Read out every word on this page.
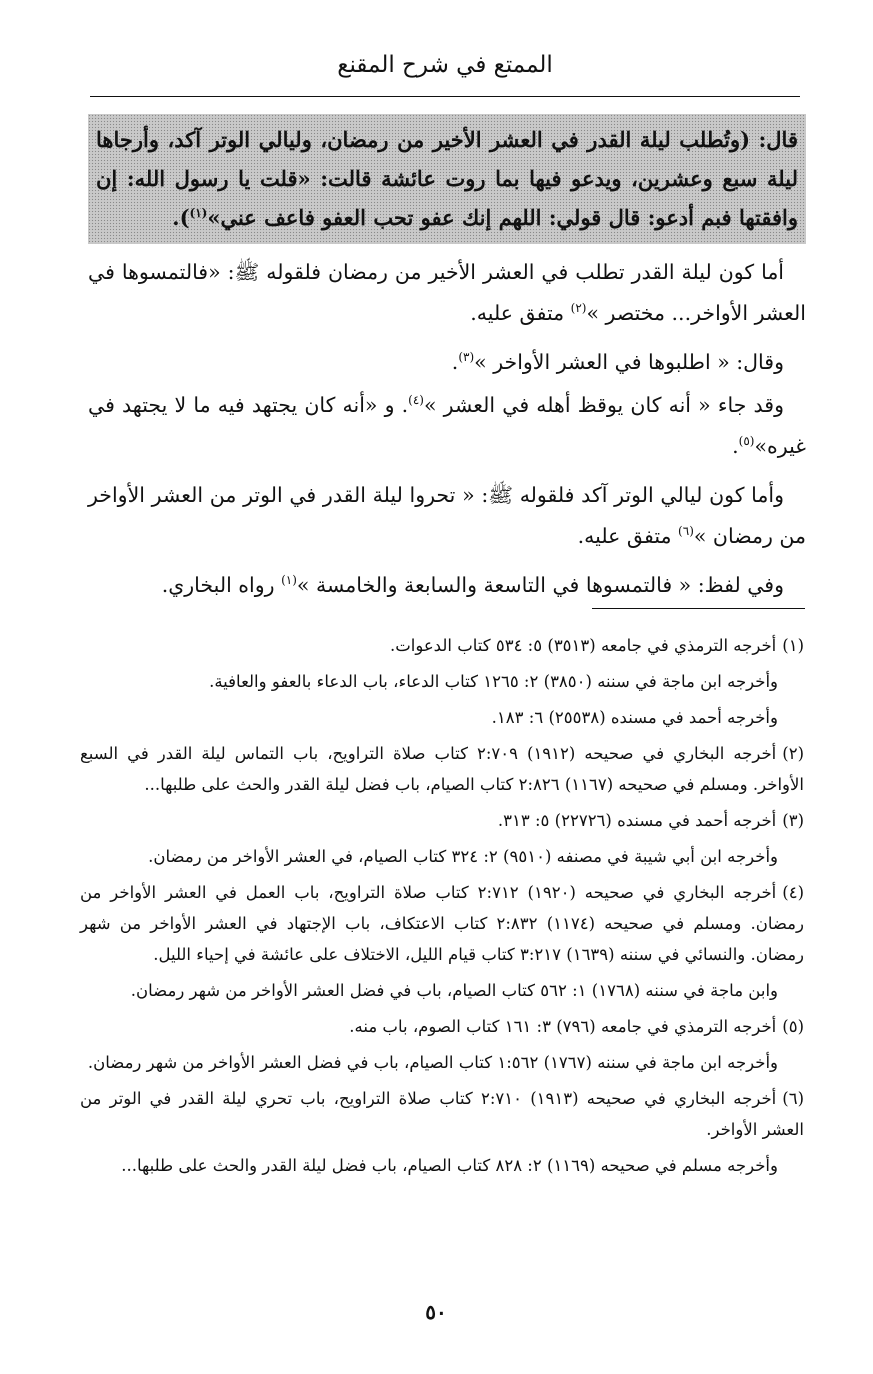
الممتع في شرح المقنع

قال: (وتُطلب ليلة القدر في العشر الأخير من رمضان، وليالي الوتر آكد، وأرجاها ليلة سبع وعشرين، ويدعو فيها بما روت عائشة قالت: «قلت يا رسول الله: إن وافقتها فبم أدعو: قال قولي: اللهم إنك عفو تحب العفو فاعف عني»$^{(١)}$).

أما كون ليلة القدر تطلب في العشر الأخير من رمضان فلقوله ﷺ: «فالتمسوها في العشر الأواخر... مختصر »$^{(٢)}$ متفق عليه.

وقال: « اطلبوها في العشر الأواخر »$^{(٣)}$.

وقد جاء « أنه كان يوقظ أهله في العشر »$^{(٤)}$. و «أنه كان يجتهد فيه ما لا يجتهد في غيره»$^{(٥)}$.

وأما كون ليالي الوتر آكد فلقوله ﷺ: « تحروا ليلة القدر في الوتر من العشر الأواخر من رمضان »$^{(٦)}$ متفق عليه.

وفي لفظ: « فالتمسوها في التاسعة والسابعة والخامسة »$^{(١)}$ رواه البخاري.

(١)أخرجه الترمذي في جامعه (٣٥١٣) ٥: ٥٣٤ كتاب الدعوات.

وأخرجه ابن ماجة في سننه (٣٨٥٠) ٢: ١٢٦٥ كتاب الدعاء، باب الدعاء بالعفو والعافية.

وأخرجه أحمد في مسنده (٢٥٥٣٨) ٦: ١٨٣.

(٢)أخرجه البخاري في صحيحه (١٩١٢) ٢:٧٠٩ كتاب صلاة التراويح، باب التماس ليلة القدر في السبع الأواخر. ومسلم في صحيحه (١١٦٧) ٢:٨٢٦ كتاب الصيام، باب فضل ليلة القدر والحث على طلبها...

(٣)أخرجه أحمد في مسنده (٢٢٧٢٦) ٥: ٣١٣.

وأخرجه ابن أبي شيبة في مصنفه (٩٥١٠) ٢: ٣٢٤ كتاب الصيام، في العشر الأواخر من رمضان.

(٤)أخرجه البخاري في صحيحه (١٩٢٠) ٢:٧١٢ كتاب صلاة التراويح، باب العمل في العشر الأواخر من رمضان. ومسلم في صحيحه (١١٧٤) ٢:٨٣٢ كتاب الاعتكاف، باب الإجتهاد في العشر الأواخر من شهر رمضان. والنسائي في سننه (١٦٣٩) ٣:٢١٧ كتاب قيام الليل، الاختلاف على عائشة في إحياء الليل.

وابن ماجة في سننه (١٧٦٨) ١: ٥٦٢ كتاب الصيام، باب في فضل العشر الأواخر من شهر رمضان.

(٥)أخرجه الترمذي في جامعه (٧٩٦) ٣: ١٦١ كتاب الصوم، باب منه.

وأخرجه ابن ماجة في سننه (١٧٦٧) ١:٥٦٢ كتاب الصيام، باب في فضل العشر الأواخر من شهر رمضان.

(٦)أخرجه البخاري في صحيحه (١٩١٣) ٢:٧١٠ كتاب صلاة التراويح، باب تحري ليلة القدر في الوتر من العشر الأواخر.

وأخرجه مسلم في صحيحه (١١٦٩) ٢: ٨٢٨ كتاب الصيام، باب فضل ليلة القدر والحث على طلبها...

٥٠
